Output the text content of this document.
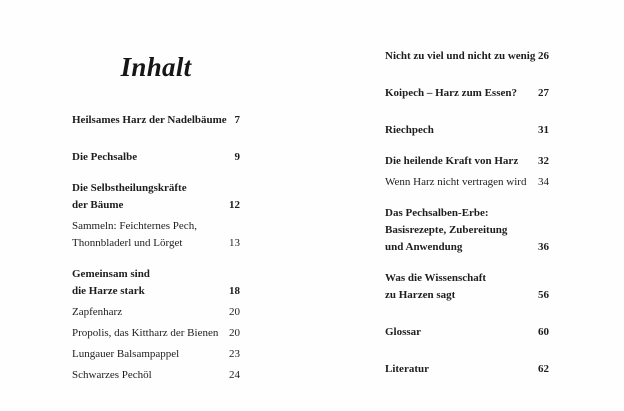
Inhalt
Heilsames Harz der Nadelbäume 7
Die Pechsalbe	9
Die Selbstheilungskräfte
der Bäume	12
Sammeln: Feichternes Pech,
Thonnbladerl und Lörget	13
Gemeinsam sind
die Harze stark	18
Zapfenharz	20
Propolis, das Kittharz der Bienen 20
Lungauer Balsampappel	23
Schwarzes Pechöl	24
Nicht zu viel und nicht zu wenig 26
Koipech – Harz zum Essen?	27
Riechpech	31
Die heilende Kraft von Harz	32
Wenn Harz nicht vertragen wird	34
Das Pechsalben-Erbe:
Basisrezepte, Zubereitung
und Anwendung	36
Was die Wissenschaft
zu Harzen sagt	56
Glossar	60
Literatur	62
